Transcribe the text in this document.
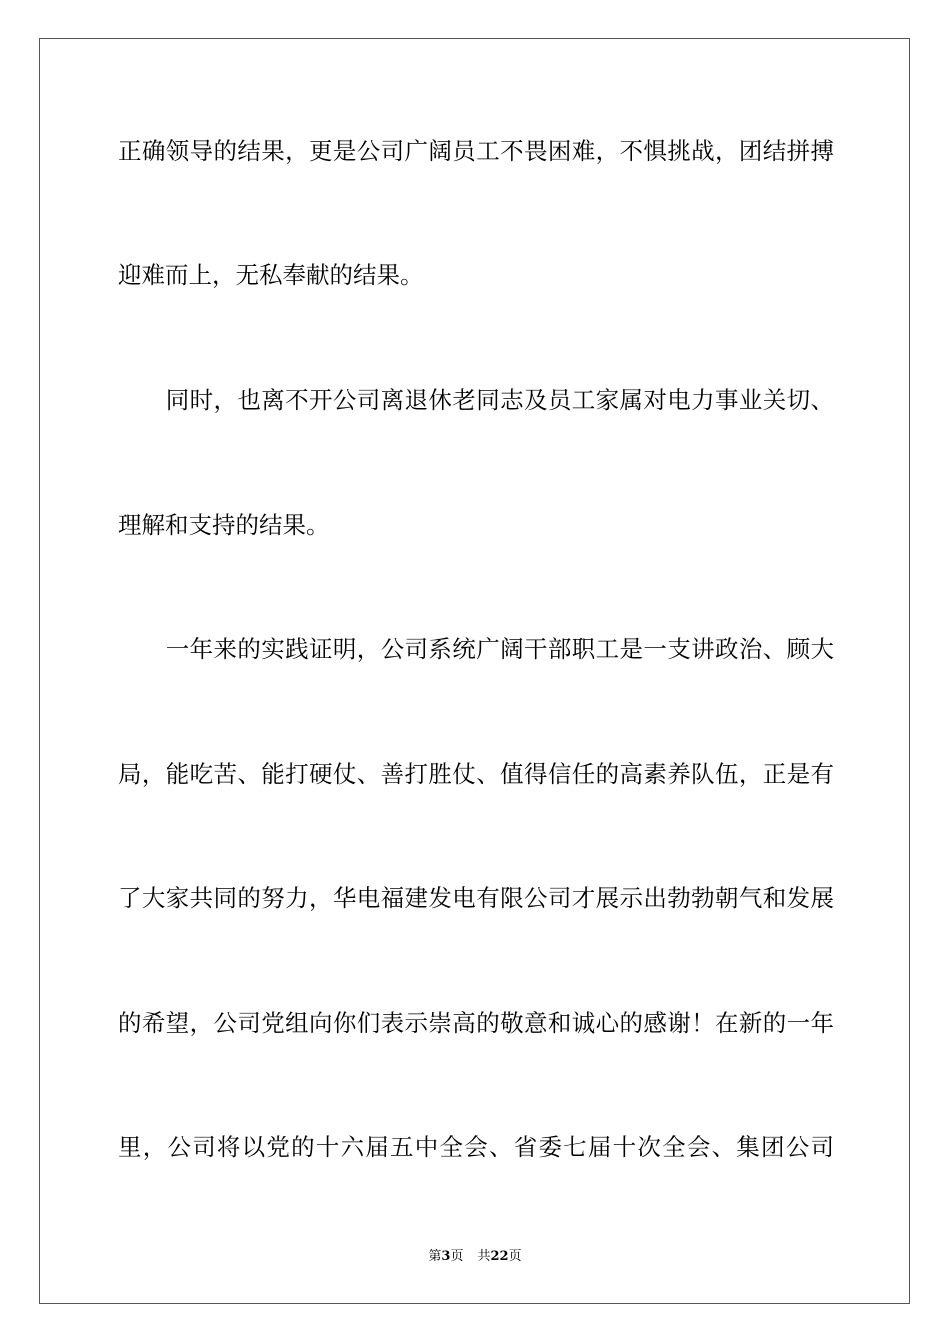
正确领导的结果，更是公司广阔员工不畏困难，不惧挑战，团结拼搏
迎难而上，无私奉献的结果。
　　同时，也离不开公司离退休老同志及员工家属对电力事业关切、
理解和支持的结果。
　　一年来的实践证明，公司系统广阔干部职工是一支讲政治、顾大
局，能吃苦、能打硬仗、善打胜仗、值得信任的高素养队伍，正是有
了大家共同的努力，华电福建发电有限公司才展示出勃勃朝气和发展
的希望，公司党组向你们表示崇高的敬意和诚心的感谢！在新的一年
里，公司将以党的十六届五中全会、省委七届十次全会、集团公司
第3页 共22页
